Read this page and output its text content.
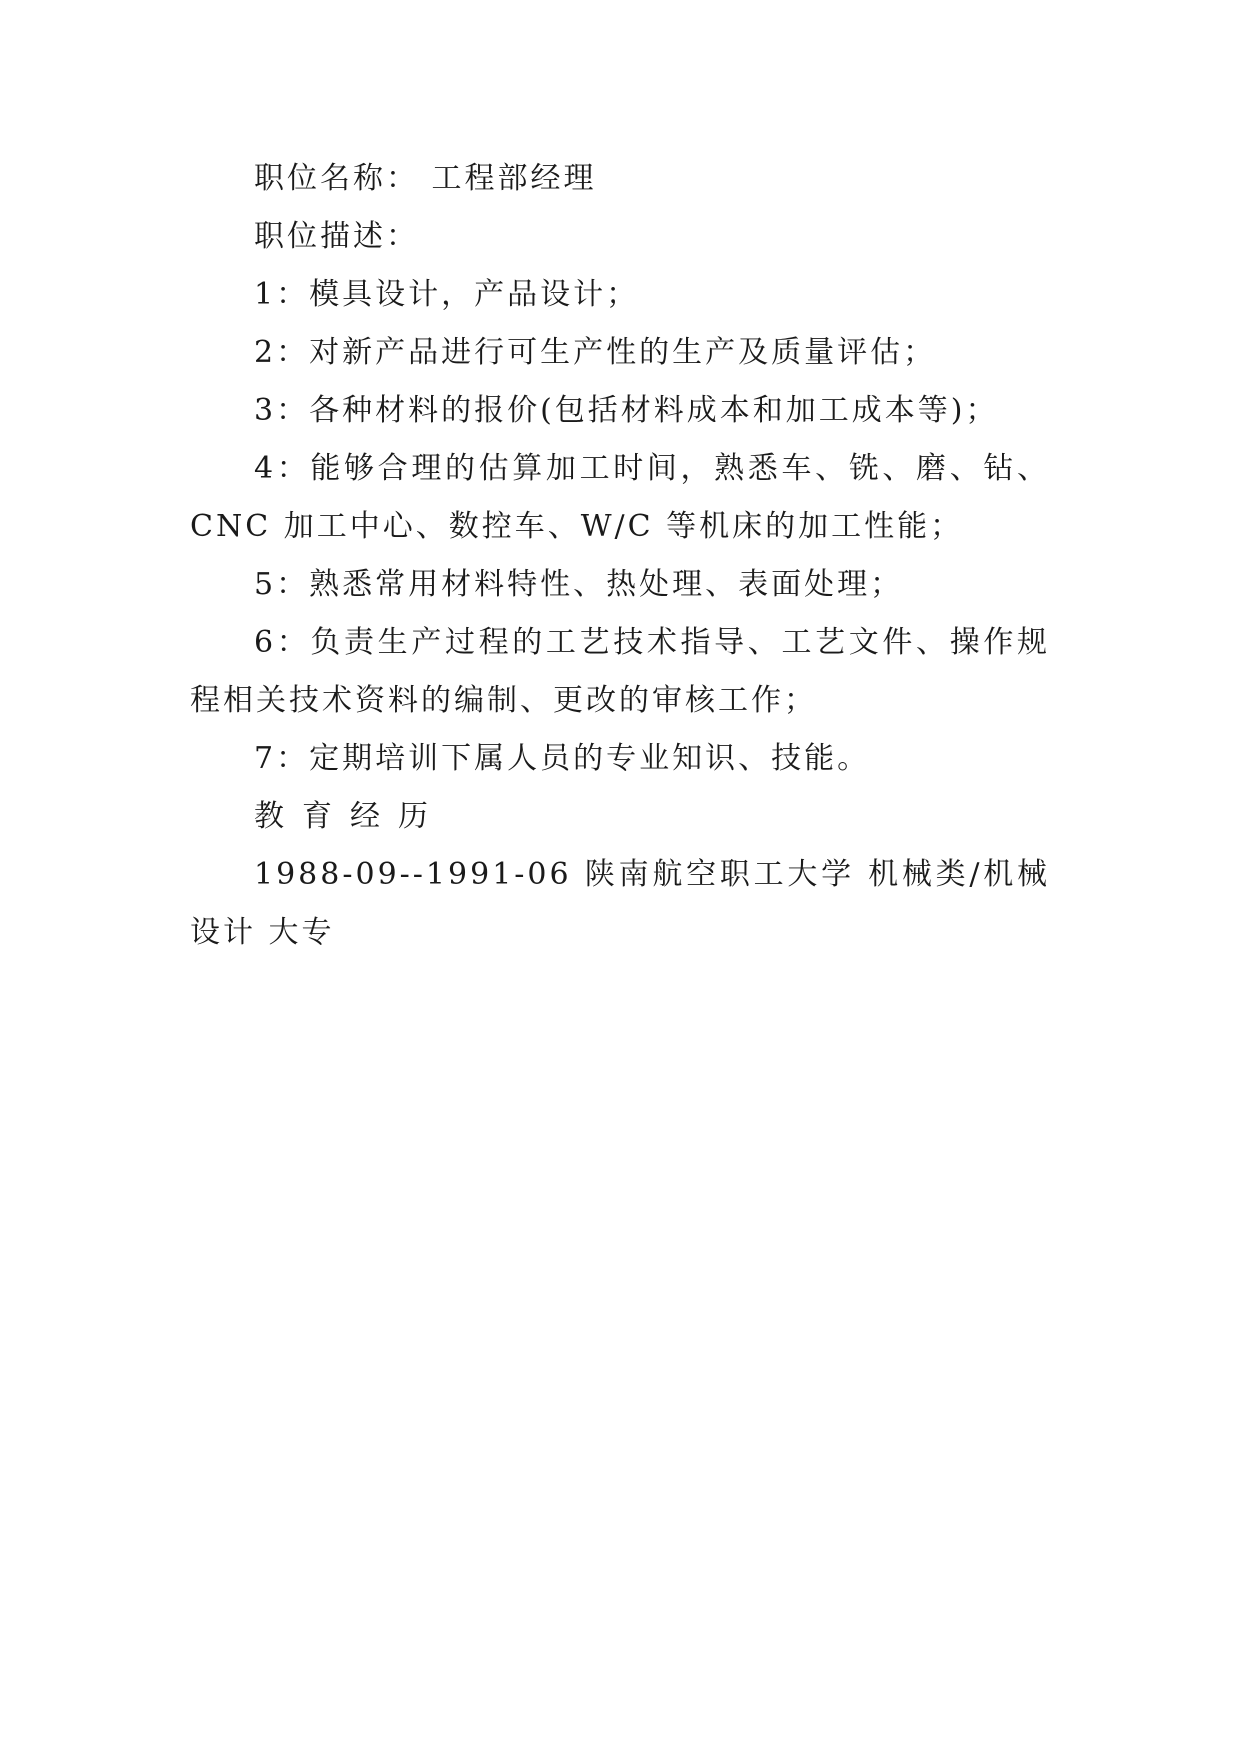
职位名称： 工程部经理

职位描述：

1：模具设计，产品设计；

2：对新产品进行可生产性的生产及质量评估；

3：各种材料的报价(包括材料成本和加工成本等)；

4：能够合理的估算加工时间，熟悉车、铣、磨、钻、CNC 加工中心、数控车、W/C 等机床的加工性能；

5：熟悉常用材料特性、热处理、表面处理；

6：负责生产过程的工艺技术指导、工艺文件、操作规程相关技术资料的编制、更改的审核工作；

7：定期培训下属人员的专业知识、技能。

教育经历

1988-09--1991-06 陕南航空职工大学 机械类/机械设计 大专
